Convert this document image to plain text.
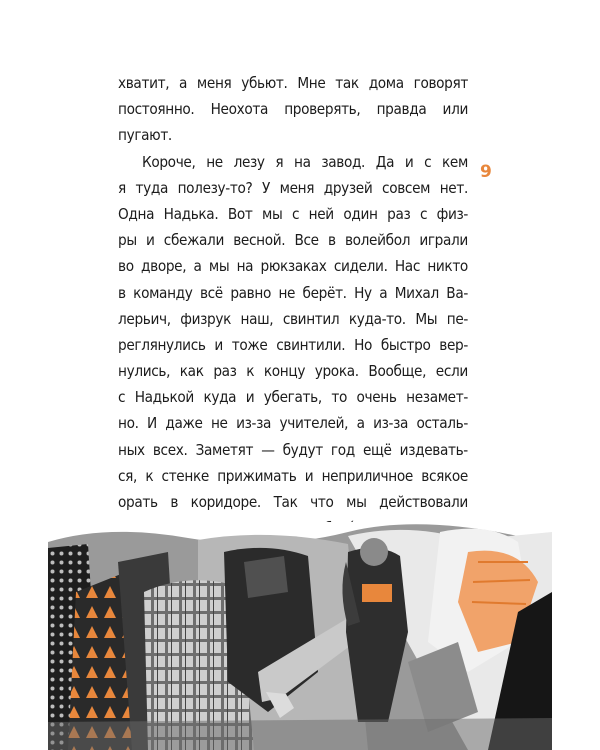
хватит, а меня убьют. Мне так дома говорят
постоянно. Неохота проверять, правда или
пугают.
Короче, не лезу я на завод. Да и с кем
я туда полезу-то? У меня друзей совсем нет.
Одна Надька. Вот мы с ней один раз с физ-
ры и сбежали весной. Все в волейбол играли
во дворе, а мы на рюкзаках сидели. Нас никто
в команду всё равно не берёт. Ну а Михал Ва-
лерьич, физрук наш, свинтил куда-то. Мы пе-
реглянулись и тоже свинтили. Но быстро вер-
нулись, как раз к концу урока. Вообще, если
с Надькой куда и убегать, то очень незамет-
но. И даже не из-за учителей, а из-за осталь-
ных всех. Заметят — будут год ещё издевать-
ся, к стенке прижимать и неприличное всякое
орать в коридоре. Так что мы действовали
9
